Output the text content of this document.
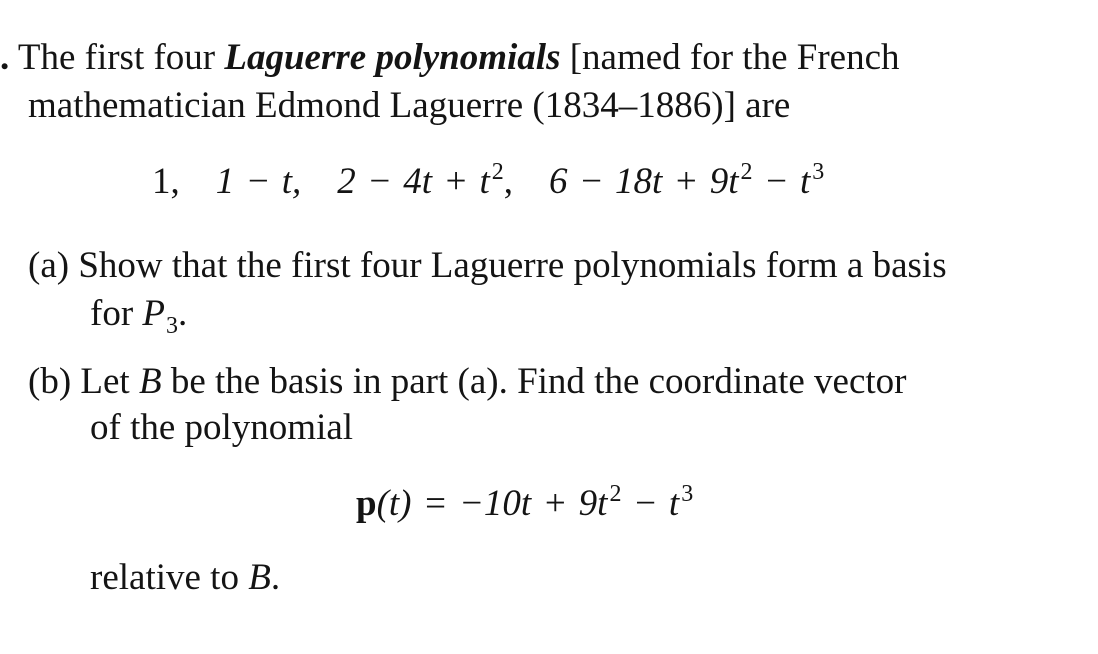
. The first four Laguerre polynomials [named for the French
mathematician Edmond Laguerre (1834–1886)] are
1, 1 − t, $2 - 4t + t^2$, $6 - 18t + 9t^2 - t^3$
(a) Show that the first four Laguerre polynomials form a basis
for $P_3$.
(b) Let B be the basis in part (a). Find the coordinate vector
of the polynomial
$p(t) = -10t + 9t^2 - t^3$
relative to B.
